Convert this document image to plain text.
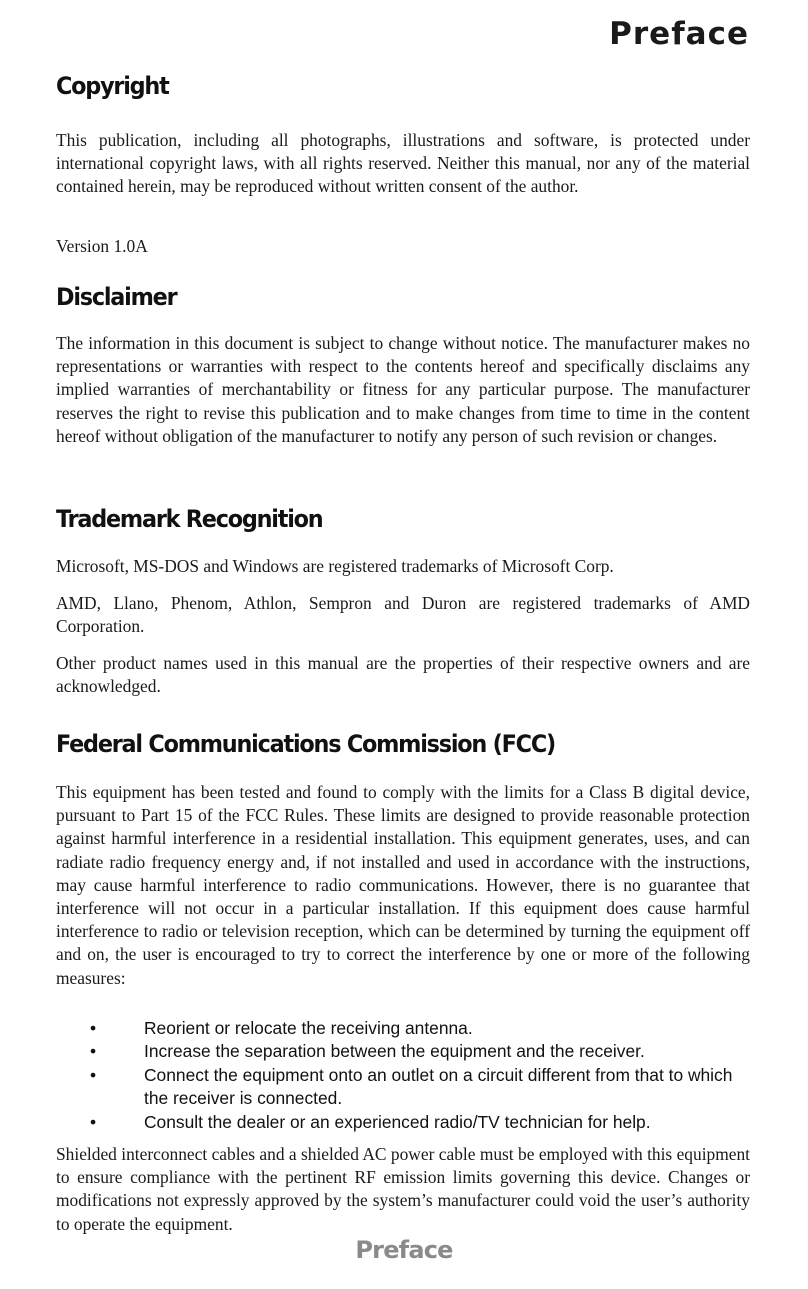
Preface
Copyright

This publication, including all photographs, illustrations and software, is protected under international copyright laws, with all rights reserved. Neither this manual, nor any of the material contained herein, may be reproduced without written consent of the author.

Version 1.0A

Disclaimer

The information in this document is subject to change without notice. The manufacturer makes no representations or warranties with respect to the contents hereof and specifically disclaims any implied warranties of merchantability or fitness for any particular purpose. The manufacturer reserves the right to revise this publication and to make changes from time to time in the content hereof without obligation of the manufacturer to notify any person of such revision or changes.

Trademark Recognition

Microsoft, MS-DOS and Windows are registered trademarks of Microsoft Corp.

AMD, Llano, Phenom, Athlon, Sempron and Duron are registered trademarks of AMD Corporation.

Other product names used in this manual are the properties of their respective owners and are acknowledged.

Federal Communications Commission (FCC)

This equipment has been tested and found to comply with the limits for a Class B digital device, pursuant to Part 15 of the FCC Rules. These limits are designed to provide reasonable protection against harmful interference in a residential installation. This equipment generates, uses, and can radiate radio frequency energy and, if not installed and used in accordance with the instructions, may cause harmful interference to radio communications. However, there is no guarantee that interference will not occur in a particular installation. If this equipment does cause harmful interference to radio or television reception, which can be determined by turning the equipment off and on, the user is encouraged to try to correct the interference by one or more of the following measures:

•	Reorient or relocate the receiving antenna.
•	Increase the separation between the equipment and the receiver.
•	Connect the equipment onto an outlet on a circuit different from that to which the receiver is connected.
•	Consult the dealer or an experienced radio/TV technician for help.

Shielded interconnect cables and a shielded AC power cable must be employed with this equipment to ensure compliance with the pertinent RF emission limits governing this device. Changes or modifications not expressly approved by the system’s manufacturer could void the user’s authority to operate the equipment.

Preface
